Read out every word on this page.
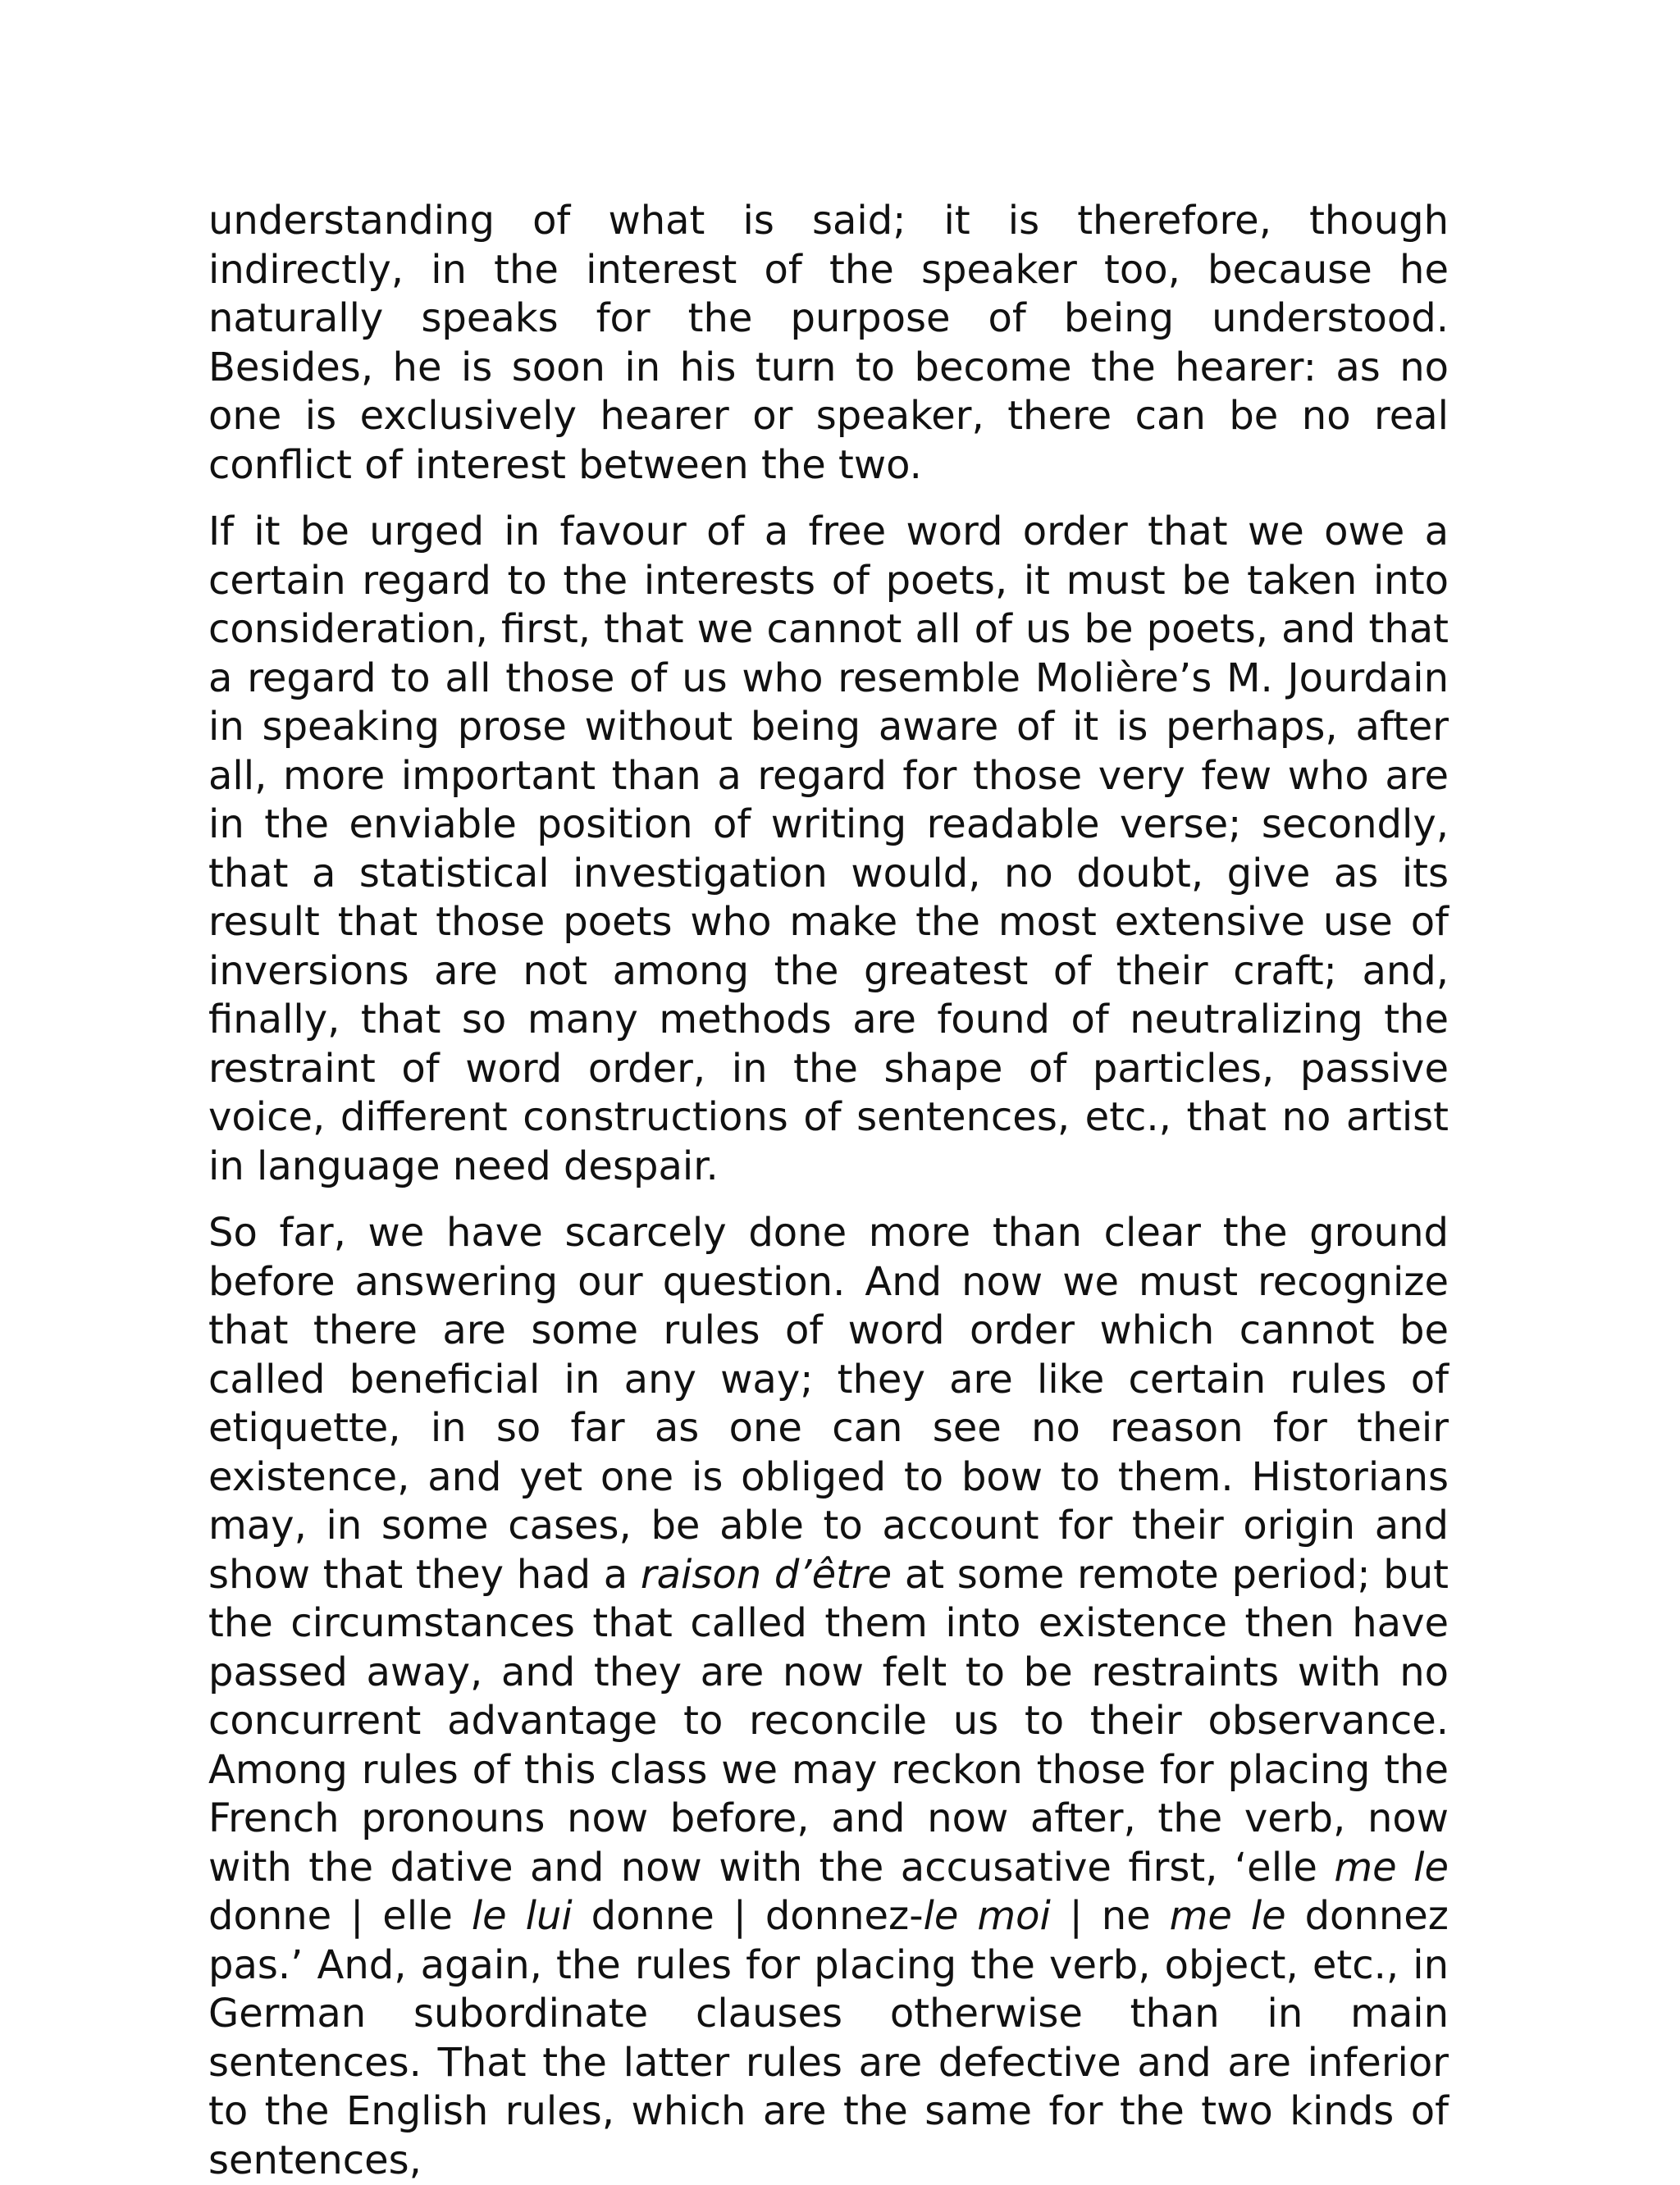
understanding of what is said; it is therefore, though indirectly, in the interest of the speaker too, because he naturally speaks for the purpose of being understood. Besides, he is soon in his turn to become the hearer: as no one is exclusively hearer or speaker, there can be no real conflict of interest between the two.

If it be urged in favour of a free word order that we owe a certain regard to the interests of poets, it must be taken into consideration, first, that we cannot all of us be poets, and that a regard to all those of us who resemble Molière’s M. Jourdain in speaking prose without being aware of it is perhaps, after all, more important than a regard for those very few who are in the enviable position of writing readable verse; secondly, that a statistical investigation would, no doubt, give as its result that those poets who make the most extensive use of inversions are not among the greatest of their craft; and, finally, that so many methods are found of neutralizing the restraint of word order, in the shape of particles, passive voice, different constructions of sentences, etc., that no artist in language need despair.

So far, we have scarcely done more than clear the ground before answering our question. And now we must recognize that there are some rules of word order which cannot be called beneficial in any way; they are like certain rules of etiquette, in so far as one can see no reason for their existence, and yet one is obliged to bow to them. Historians may, in some cases, be able to account for their origin and show that they had a raison d’être at some remote period; but the circumstances that called them into existence then have passed away, and they are now felt to be restraints with no concurrent advantage to reconcile us to their observance. Among rules of this class we may reckon those for placing the French pronouns now before, and now after, the verb, now with the dative and now with the accusative first, ‘elle me le donne | elle le lui donne | donnez-le moi | ne me le donnez pas.’ And, again, the rules for placing the verb, object, etc., in German subordinate clauses otherwise than in main sentences. That the latter rules are defective and are inferior to the English rules, which are the same for the two kinds of sentences,
